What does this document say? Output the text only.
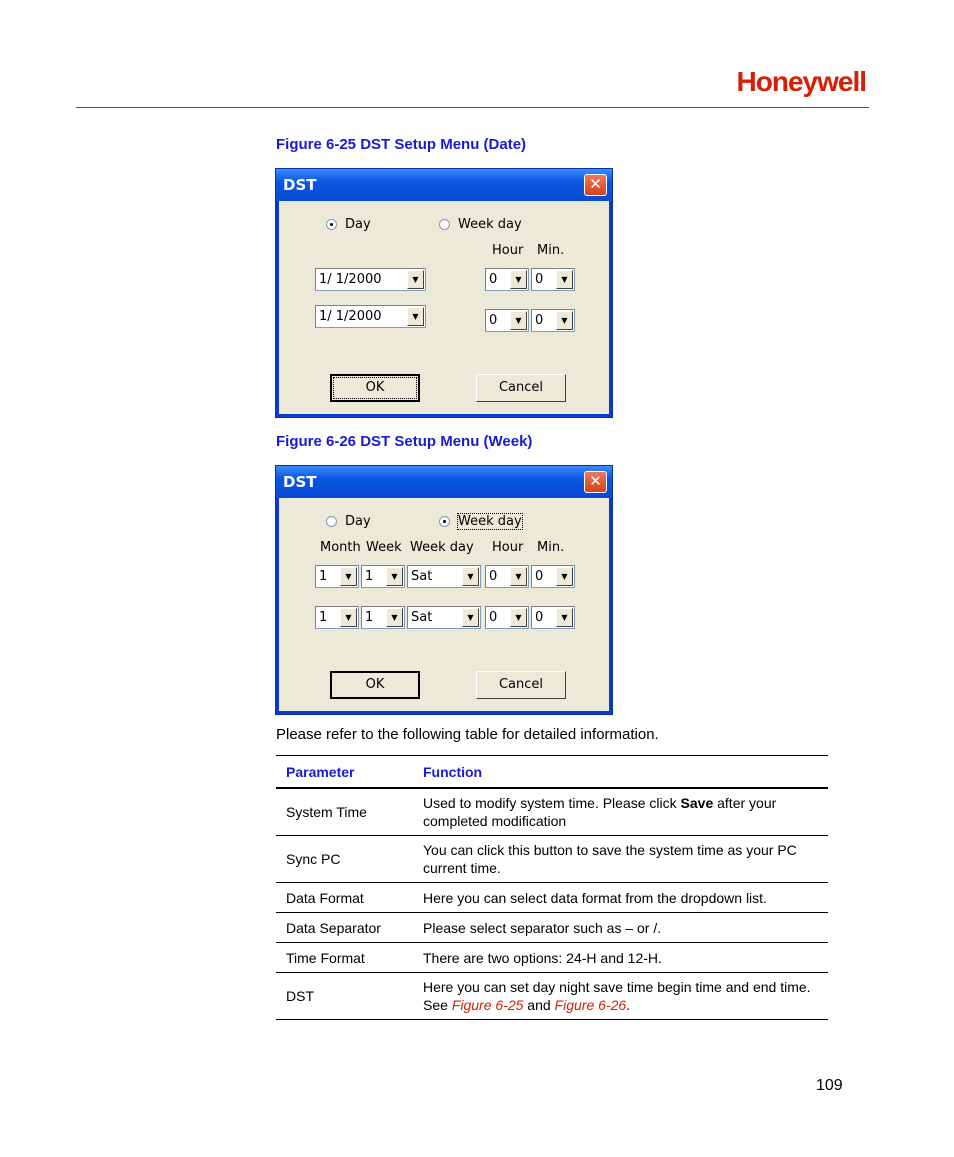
Honeywell
Figure 6-25 DST Setup Menu (Date)
DST	✕
Day	Week day
Hour Min.
1/ 1/2000	▼	0	▼	0	▼
1/ 1/2000	▼	0	▼	0	▼
OK	Cancel
Figure 6-26 DST Setup Menu (Week)
DST	✕
Day	Week day
Month Week Week day Hour Min.
1	▼	1	▼	Sat	▼	0	▼	0	▼
1	▼	1	▼	Sat	▼	0	▼	0	▼
OK	Cancel
Please refer to the following table for detailed information.
Parameter	Function
System Time	Used to modify system time. Please click Save after your completed modification
Sync PC	You can click this button to save the system time as your PC current time.
Data Format	Here you can select data format from the dropdown list.
Data Separator	Please select separator such as – or /.
Time Format	There are two options: 24-H and 12-H.
DST	Here you can set day night save time begin time and end time. See Figure 6-25 and Figure 6-26.
109
